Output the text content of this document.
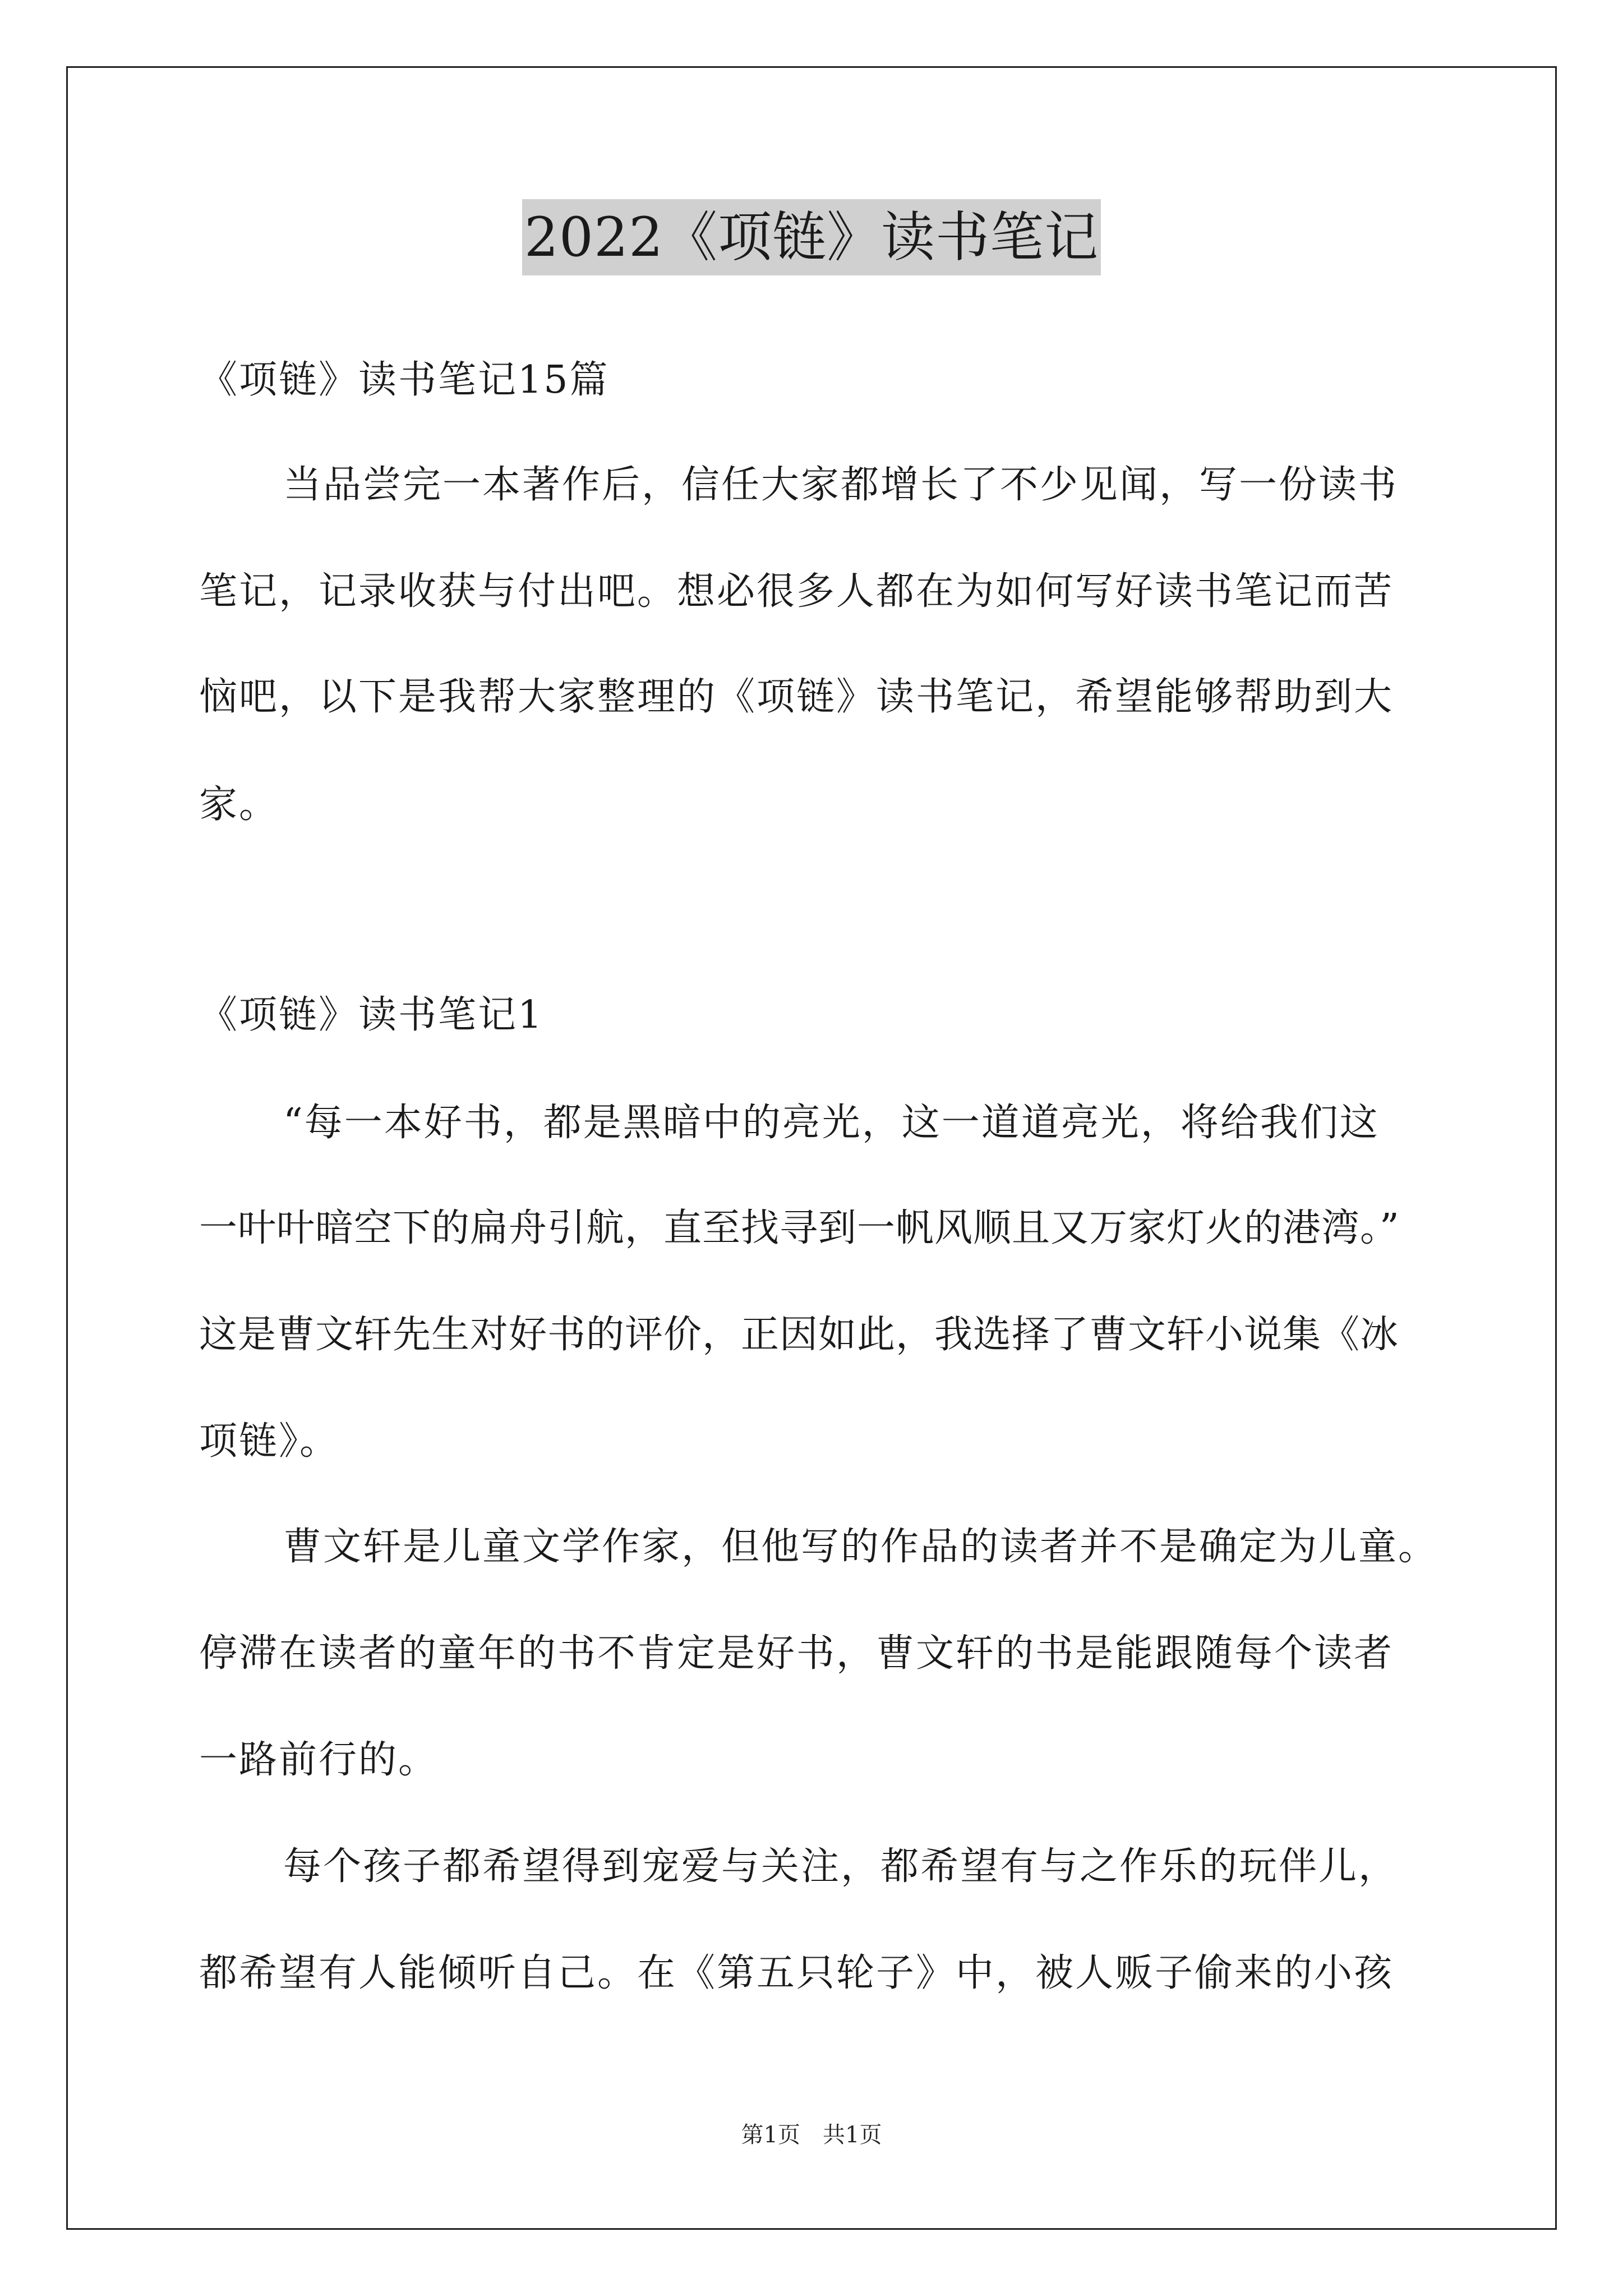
2022《项链》读书笔记
《项链》读书笔记15篇
当品尝完一本著作后，信任大家都增长了不少见闻，写一份读书
笔记，记录收获与付出吧。想必很多人都在为如何写好读书笔记而苦
恼吧，以下是我帮大家整理的《项链》读书笔记，希望能够帮助到大
家。
《项链》读书笔记1
“每一本好书，都是黑暗中的亮光，这一道道亮光，将给我们这
一叶叶暗空下的扁舟引航，直至找寻到一帆风顺且又万家灯火的港湾。”
这是曹文轩先生对好书的评价，正因如此，我选择了曹文轩小说集《冰
项链》。
曹文轩是儿童文学作家，但他写的作品的读者并不是确定为儿童。
停滞在读者的童年的书不肯定是好书，曹文轩的书是能跟随每个读者
一路前行的。
每个孩子都希望得到宠爱与关注，都希望有与之作乐的玩伴儿，
都希望有人能倾听自己。在《第五只轮子》中，被人贩子偷来的小孩
第1页　共1页
